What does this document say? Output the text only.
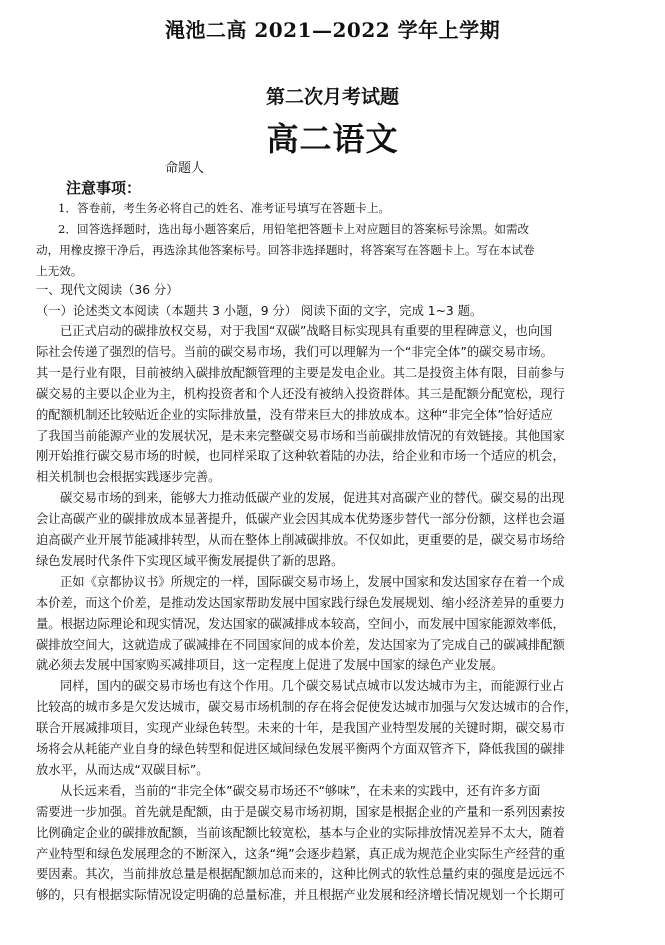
渑池二高 2021—2022 学年上学期
第二次月考试题
高二语文
命题人
注意事项：
1．答卷前，考生务必将自己的姓名、准考证号填写在答题卡上。
2．回答选择题时，选出每小题答案后，用铅笔把答题卡上对应题目的答案标号涂黑。如需改
动，用橡皮擦干净后，再选涂其他答案标号。回答非选择题时，将答案写在答题卡上。写在本试卷
上无效。
一、现代文阅读（36 分）
（一）论述类文本阅读（本题共 3 小题，9 分） 阅读下面的文字，完成 1~3 题。
已正式启动的碳排放权交易，对于我国“双碳”战略目标实现具有重要的里程碑意义，也向国
际社会传递了强烈的信号。当前的碳交易市场，我们可以理解为一个“非完全体”的碳交易市场。
其一是行业有限，目前被纳入碳排放配额管理的主要是发电企业。其二是投资主体有限，目前参与
碳交易的主要以企业为主，机构投资者和个人还没有被纳入投资群体。其三是配额分配宽松，现行
的配额机制还比较贴近企业的实际排放量，没有带来巨大的排放成本。这种“非完全体”恰好适应
了我国当前能源产业的发展状况，是未来完整碳交易市场和当前碳排放情况的有效链接。其他国家
刚开始推行碳交易市场的时候，也同样采取了这种软着陆的办法，给企业和市场一个适应的机会，
相关机制也会根据实践逐步完善。
碳交易市场的到来，能够大力推动低碳产业的发展，促进其对高碳产业的替代。碳交易的出现
会让高碳产业的碳排放成本显著提升，低碳产业会因其成本优势逐步替代一部分份额，这样也会逼
迫高碳产业开展节能减排转型，从而在整体上削减碳排放。不仅如此，更重要的是，碳交易市场给
绿色发展时代条件下实现区域平衡发展提供了新的思路。
正如《京都协议书》所规定的一样，国际碳交易市场上，发展中国家和发达国家存在着一个成
本价差，而这个价差，是推动发达国家帮助发展中国家践行绿色发展规划、缩小经济差异的重要力
量。根据边际理论和现实情况，发达国家的碳减排成本较高，空间小，而发展中国家能源效率低，
碳排放空间大，这就造成了碳减排在不同国家间的成本价差，发达国家为了完成自己的碳减排配额
就必须去发展中国家购买减排项目，这一定程度上促进了发展中国家的绿色产业发展。
同样，国内的碳交易市场也有这个作用。几个碳交易试点城市以发达城市为主，而能源行业占
比较高的城市多是欠发达城市，碳交易市场机制的存在将会促使发达城市加强与欠发达城市的合作，
联合开展减排项目，实现产业绿色转型。未来的十年，是我国产业特型发展的关键时期，碳交易市
场将会从耗能产业自身的绿色转型和促进区域间绿色发展平衡两个方面双管齐下，降低我国的碳排
放水平，从而达成“双碳目标”。
从长远来看，当前的“非完全体”碳交易市场还不“够味”，在未来的实践中，还有许多方面
需要进一步加强。首先就是配额，由于是碳交易市场初期，国家是根据企业的产量和一系列因素按
比例确定企业的碳排放配额，当前该配额比较宽松，基本与企业的实际排放情况差异不太大，随着
产业特型和绿色发展理念的不断深入，这条“绳”会逐步趋紧，真正成为规范企业实际生产经营的重
要因素。其次，当前排放总量是根据配额加总而来的，这种比例式的软性总量约束的强度是远远不
够的，只有根据实际情况设定明确的总量标准，并且根据产业发展和经济增长情况规划一个长期可
